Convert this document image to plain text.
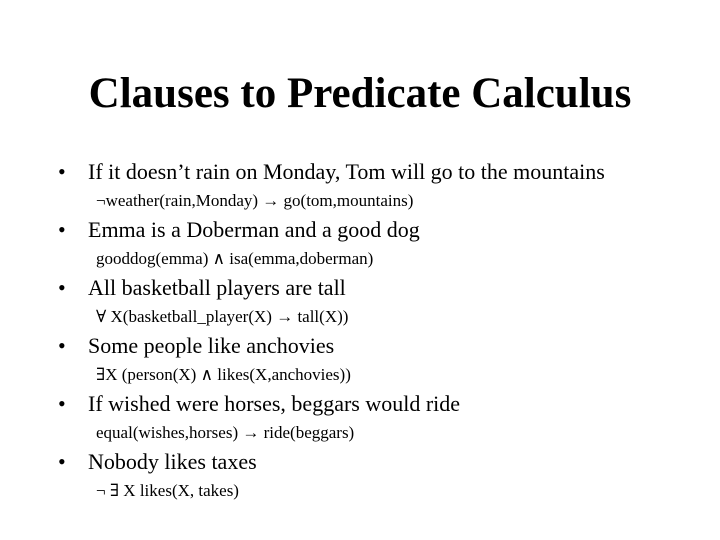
Clauses to Predicate Calculus
• If it doesn’t rain on Monday, Tom will go to the mountains
¬weather(rain,Monday) → go(tom,mountains)
• Emma is a Doberman and a good dog
gooddog(emma) ∧ isa(emma,doberman)
• All basketball players are tall
∀ X(basketball_player(X) → tall(X))
• Some people like anchovies
∃X (person(X) ∧ likes(X,anchovies))
• If wished were horses, beggars would ride
equal(wishes,horses) → ride(beggars)
• Nobody likes taxes
¬ ∃ X likes(X, takes)
